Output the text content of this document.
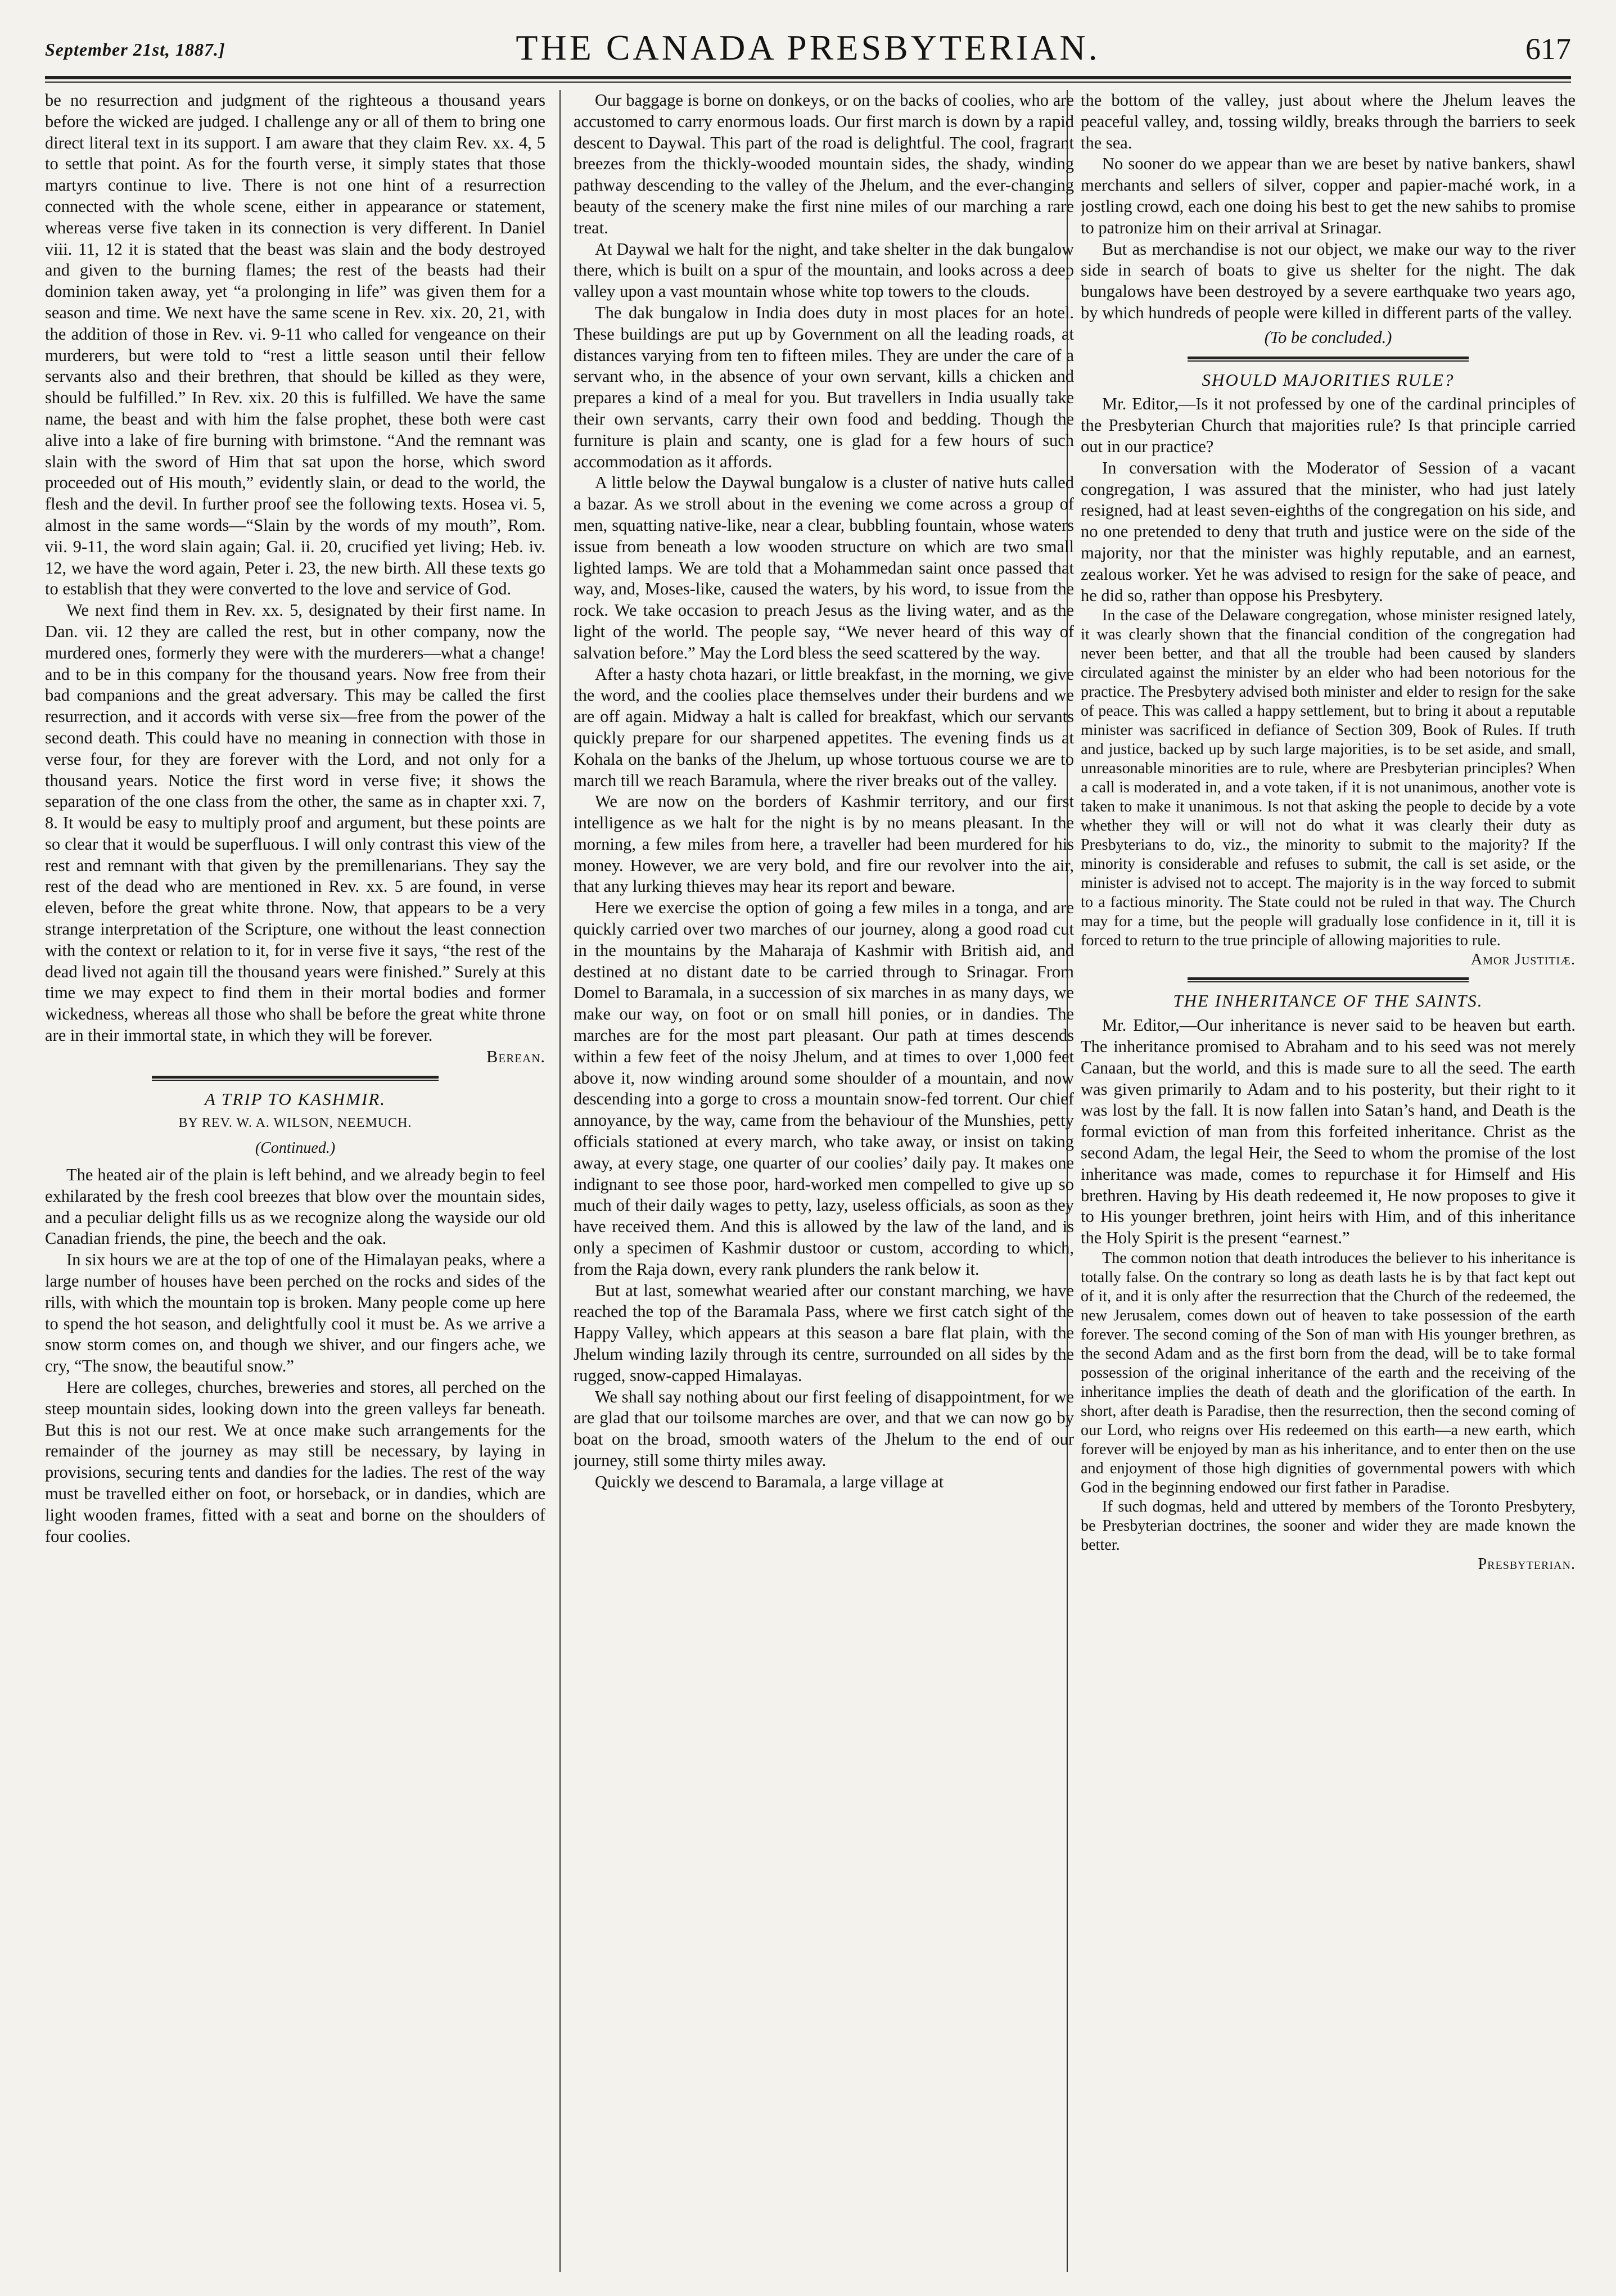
September 21st, 1887.]	THE CANADA PRESBYTERIAN.	617

be no resurrection and judgment of the righteous a thousand years before the wicked are judged. I challenge any or all of them to bring one direct literal text in its support. I am aware that they claim Rev. xx. 4, 5 to settle that point. As for the fourth verse, it simply states that those martyrs continue to live. There is not one hint of a resurrection connected with the whole scene, either in appearance or statement, whereas verse five taken in its connection is very different. In Daniel viii. 11, 12 it is stated that the beast was slain and the body destroyed and given to the burning flames; the rest of the beasts had their dominion taken away, yet “a prolonging in life” was given them for a season and time. We next have the same scene in Rev. xix. 20, 21, with the addition of those in Rev. vi. 9-11 who called for vengeance on their murderers, but were told to “rest a little season until their fellow servants also and their brethren, that should be killed as they were, should be fulfilled.” In Rev. xix. 20 this is fulfilled. We have the same name, the beast and with him the false prophet, these both were cast alive into a lake of fire burning with brimstone. “And the remnant was slain with the sword of Him that sat upon the horse, which sword proceeded out of His mouth,” evidently slain, or dead to the world, the flesh and the devil. In further proof see the following texts. Hosea vi. 5, almost in the same words—“Slain by the words of my mouth”, Rom. vii. 9-11, the word slain again; Gal. ii. 20, crucified yet living; Heb. iv. 12, we have the word again, Peter i. 23, the new birth. All these texts go to establish that they were converted to the love and service of God.

We next find them in Rev. xx. 5, designated by their first name. In Dan. vii. 12 they are called the rest, but in other company, now the murdered ones, formerly they were with the murderers—what a change! and to be in this company for the thousand years. Now free from their bad companions and the great adversary. This may be called the first resurrection, and it accords with verse six—free from the power of the second death. This could have no meaning in connection with those in verse four, for they are forever with the Lord, and not only for a thousand years. Notice the first word in verse five; it shows the separation of the one class from the other, the same as in chapter xxi. 7, 8. It would be easy to multiply proof and argument, but these points are so clear that it would be superfluous. I will only contrast this view of the rest and remnant with that given by the premillenarians. They say the rest of the dead who are mentioned in Rev. xx. 5 are found, in verse eleven, before the great white throne. Now, that appears to be a very strange interpretation of the Scripture, one without the least connection with the context or relation to it, for in verse five it says, “the rest of the dead lived not again till the thousand years were finished.” Surely at this time we may expect to find them in their mortal bodies and former wickedness, whereas all those who shall be before the great white throne are in their immortal state, in which they will be forever.

Berean.
A TRIP TO KASHMIR.
BY REV. W. A. WILSON, NEEMUCH.
(Continued.)

The heated air of the plain is left behind, and we already begin to feel exhilarated by the fresh cool breezes that blow over the mountain sides, and a peculiar delight fills us as we recognize along the wayside our old Canadian friends, the pine, the beech and the oak.

In six hours we are at the top of one of the Himalayan peaks, where a large number of houses have been perched on the rocks and sides of the rills, with which the mountain top is broken. Many people come up here to spend the hot season, and delightfully cool it must be. As we arrive a snow storm comes on, and though we shiver, and our fingers ache, we cry, “The snow, the beautiful snow.”

Here are colleges, churches, breweries and stores, all perched on the steep mountain sides, looking down into the green valleys far beneath. But this is not our rest. We at once make such arrangements for the remainder of the journey as may still be necessary, by laying in provisions, securing tents and dandies for the ladies. The rest of the way must be travelled either on foot, or horseback, or in dandies, which are light wooden frames, fitted with a seat and borne on the shoulders of four coolies.

Our baggage is borne on donkeys, or on the backs of coolies, who are accustomed to carry enormous loads. Our first march is down by a rapid descent to Daywal. This part of the road is delightful. The cool, fragrant breezes from the thickly-wooded mountain sides, the shady, winding pathway descending to the valley of the Jhelum, and the ever-changing beauty of the scenery make the first nine miles of our marching a rare treat.

At Daywal we halt for the night, and take shelter in the dak bungalow there, which is built on a spur of the mountain, and looks across a deep valley upon a vast mountain whose white top towers to the clouds.

The dak bungalow in India does duty in most places for an hotel. These buildings are put up by Government on all the leading roads, at distances varying from ten to fifteen miles. They are under the care of a servant who, in the absence of your own servant, kills a chicken and prepares a kind of a meal for you. But travellers in India usually take their own servants, carry their own food and bedding. Though the furniture is plain and scanty, one is glad for a few hours of such accommodation as it affords.

A little below the Daywal bungalow is a cluster of native huts called a bazar. As we stroll about in the evening we come across a group of men, squatting native-like, near a clear, bubbling fountain, whose waters issue from beneath a low wooden structure on which are two small lighted lamps. We are told that a Mohammedan saint once passed that way, and, Moses-like, caused the waters, by his word, to issue from the rock. We take occasion to preach Jesus as the living water, and as the light of the world. The people say, “We never heard of this way of salvation before.” May the Lord bless the seed scattered by the way.

After a hasty chota hazari, or little breakfast, in the morning, we give the word, and the coolies place themselves under their burdens and we are off again. Midway a halt is called for breakfast, which our servants quickly prepare for our sharpened appetites. The evening finds us at Kohala on the banks of the Jhelum, up whose tortuous course we are to march till we reach Baramula, where the river breaks out of the valley.

We are now on the borders of Kashmir territory, and our first intelligence as we halt for the night is by no means pleasant. In the morning, a few miles from here, a traveller had been murdered for his money. However, we are very bold, and fire our revolver into the air, that any lurking thieves may hear its report and beware.

Here we exercise the option of going a few miles in a tonga, and are quickly carried over two marches of our journey, along a good road cut in the mountains by the Maharaja of Kashmir with British aid, and destined at no distant date to be carried through to Srinagar. From Domel to Baramala, in a succession of six marches in as many days, we make our way, on foot or on small hill ponies, or in dandies. The marches are for the most part pleasant. Our path at times descends within a few feet of the noisy Jhelum, and at times to over 1,000 feet above it, now winding around some shoulder of a mountain, and now descending into a gorge to cross a mountain snow-fed torrent. Our chief annoyance, by the way, came from the behaviour of the Munshies, petty officials stationed at every march, who take away, or insist on taking away, at every stage, one quarter of our coolies’ daily pay. It makes one indignant to see those poor, hard-worked men compelled to give up so much of their daily wages to petty, lazy, useless officials, as soon as they have received them. And this is allowed by the law of the land, and is only a specimen of Kashmir dustoor or custom, according to which, from the Raja down, every rank plunders the rank below it.

But at last, somewhat wearied after our constant marching, we have reached the top of the Baramala Pass, where we first catch sight of the Happy Valley, which appears at this season a bare flat plain, with the Jhelum winding lazily through its centre, surrounded on all sides by the rugged, snow-capped Himalayas.

We shall say nothing about our first feeling of disappointment, for we are glad that our toilsome marches are over, and that we can now go by boat on the broad, smooth waters of the Jhelum to the end of our journey, still some thirty miles away.

Quickly we descend to Baramala, a large village at

the bottom of the valley, just about where the Jhelum leaves the peaceful valley, and, tossing wildly, breaks through the barriers to seek the sea.

No sooner do we appear than we are beset by native bankers, shawl merchants and sellers of silver, copper and papier-maché work, in a jostling crowd, each one doing his best to get the new sahibs to promise to patronize him on their arrival at Srinagar.

But as merchandise is not our object, we make our way to the river side in search of boats to give us shelter for the night. The dak bungalows have been destroyed by a severe earthquake two years ago, by which hundreds of people were killed in different parts of the valley.

(To be concluded.)
SHOULD MAJORITIES RULE?

Mr. Editor,—Is it not professed by one of the cardinal principles of the Presbyterian Church that majorities rule? Is that principle carried out in our practice?

In conversation with the Moderator of Session of a vacant congregation, I was assured that the minister, who had just lately resigned, had at least seven-eighths of the congregation on his side, and no one pretended to deny that truth and justice were on the side of the majority, nor that the minister was highly reputable, and an earnest, zealous worker. Yet he was advised to resign for the sake of peace, and he did so, rather than oppose his Presbytery.

In the case of the Delaware congregation, whose minister resigned lately, it was clearly shown that the financial condition of the congregation had never been better, and that all the trouble had been caused by slanders circulated against the minister by an elder who had been notorious for the practice. The Presbytery advised both minister and elder to resign for the sake of peace. This was called a happy settlement, but to bring it about a reputable minister was sacrificed in defiance of Section 309, Book of Rules. If truth and justice, backed up by such large majorities, is to be set aside, and small, unreasonable minorities are to rule, where are Presbyterian principles? When a call is moderated in, and a vote taken, if it is not unanimous, another vote is taken to make it unanimous. Is not that asking the people to decide by a vote whether they will or will not do what it was clearly their duty as Presbyterians to do, viz., the minority to submit to the majority? If the minority is considerable and refuses to submit, the call is set aside, or the minister is advised not to accept. The majority is in the way forced to submit to a factious minority. The State could not be ruled in that way. The Church may for a time, but the people will gradually lose confidence in it, till it is forced to return to the true principle of allowing majorities to rule.

Amor Justitiæ.
THE INHERITANCE OF THE SAINTS.

Mr. Editor,—Our inheritance is never said to be heaven but earth. The inheritance promised to Abraham and to his seed was not merely Canaan, but the world, and this is made sure to all the seed. The earth was given primarily to Adam and to his posterity, but their right to it was lost by the fall. It is now fallen into Satan’s hand, and Death is the formal eviction of man from this forfeited inheritance. Christ as the second Adam, the legal Heir, the Seed to whom the promise of the lost inheritance was made, comes to repurchase it for Himself and His brethren. Having by His death redeemed it, He now proposes to give it to His younger brethren, joint heirs with Him, and of this inheritance the Holy Spirit is the present “earnest.”

The common notion that death introduces the believer to his inheritance is totally false. On the contrary so long as death lasts he is by that fact kept out of it, and it is only after the resurrection that the Church of the redeemed, the new Jerusalem, comes down out of heaven to take possession of the earth forever. The second coming of the Son of man with His younger brethren, as the second Adam and as the first born from the dead, will be to take formal possession of the original inheritance of the earth and the receiving of the inheritance implies the death of death and the glorification of the earth. In short, after death is Paradise, then the resurrection, then the second coming of our Lord, who reigns over His redeemed on this earth—a new earth, which forever will be enjoyed by man as his inheritance, and to enter then on the use and enjoyment of those high dignities of governmental powers with which God in the beginning endowed our first father in Paradise.

If such dogmas, held and uttered by members of the Toronto Presbytery, be Presbyterian doctrines, the sooner and wider they are made known the better.

Presbyterian.
